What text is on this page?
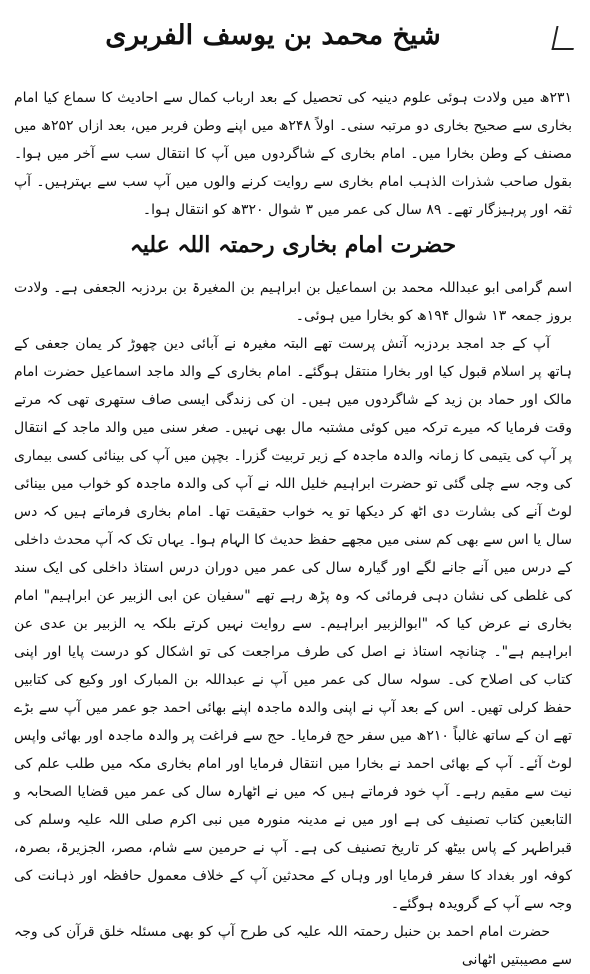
شیخ محمد بن یوسف الفربری

۲۳۱ھ میں ولادت ہوئی علوم دینیہ کی تحصیل کے بعد ارباب کمال سے احادیث کا سماع کیا امام بخاری سے صحیح بخاری دو مرتبہ سنی۔ اولاً ۲۴۸ھ میں اپنے وطن فربر میں، بعد ازاں ۲۵۲ھ میں مصنف کے وطن بخارا میں۔ امام بخاری کے شاگردوں میں آپ کا انتقال سب سے آخر میں ہوا۔ بقول صاحب شذرات الذہب امام بخاری سے روایت کرنے والوں میں آپ سب سے بہترہیں۔ آپ ثقہ اور پرہیزگار تھے۔ ۸۹ سال کی عمر میں ۳ شوال ۳۲۰ھ کو انتقال ہوا۔

حضرت امام بخاری رحمتہ اللہ علیہ

اسم گرامی ابو عبداللہ محمد بن اسماعیل بن ابراہیم بن المغیرۃ بن بردزبہ الجعفی ہے۔ ولادت بروز جمعہ ۱۳ شوال ۱۹۴ھ کو بخارا میں ہوئی۔

آپ کے جد امجد بردزبہ آتش پرست تھے البتہ مغیرہ نے آبائی دین چھوڑ کر یمان جعفی کے ہاتھ پر اسلام قبول کیا اور بخارا منتقل ہوگئے۔ امام بخاری کے والد ماجد اسماعیل حضرت امام مالک اور حماد بن زید کے شاگردوں میں ہیں۔ ان کی زندگی ایسی صاف ستھری تھی کہ مرتے وقت فرمایا کہ میرے ترکہ میں کوئی مشتبہ مال بھی نہیں۔ صغر سنی میں والد ماجد کے انتقال پر آپ کی یتیمی کا زمانہ والدہ ماجدہ کے زیر تربیت گزرا۔ بچپن میں آپ کی بینائی کسی بیماری کی وجہ سے چلی گئی تو حضرت ابراہیم خلیل اللہ نے آپ کی والدہ ماجدہ کو خواب میں بینائی لوٹ آنے کی بشارت دی اٹھ کر دیکھا تو یہ خواب حقیقت تھا۔ امام بخاری فرماتے ہیں کہ دس سال یا اس سے بھی کم سنی میں مجھے حفظ حدیث کا الہام ہوا۔ یہاں تک کہ آپ محدث داخلی کے درس میں آنے جانے لگے اور گیارہ سال کی عمر میں دوران درس استاذ داخلی کی ایک سند کی غلطی کی نشان دہی فرمائی کہ وہ پڑھ رہے تھے "سفیان عن ابی الزبیر عن ابراہیم" امام بخاری نے عرض کیا کہ "ابوالزبیر ابراہیم۔ سے روایت نہیں کرتے بلکہ یہ الزبیر بن عدی عن ابراہیم ہے"۔ چنانچہ استاذ نے اصل کی طرف مراجعت کی تو اشکال کو درست پایا اور اپنی کتاب کی اصلاح کی۔ سولہ سال کی عمر میں آپ نے عبداللہ بن المبارک اور وکیع کی کتابیں حفظ کرلی تھیں۔ اس کے بعد آپ نے اپنی والدہ ماجدہ اپنے بھائی احمد جو عمر میں آپ سے بڑے تھے ان کے ساتھ غالباً ۲۱۰ھ میں سفر حج فرمایا۔ حج سے فراغت پر والدہ ماجدہ اور بھائی واپس لوٹ آئے۔ آپ کے بھائی احمد نے بخارا میں انتقال فرمایا اور امام بخاری مکہ میں طلب علم کی نیت سے مقیم رہے۔ آپ خود فرماتے ہیں کہ میں نے اٹھارہ سال کی عمر میں قضایا الصحابہ و التابعین کتاب تصنیف کی ہے اور میں نے مدینہ منورہ میں نبی اکرم صلی اللہ علیہ وسلم کی قبراطہر کے پاس بیٹھ کر تاریخ تصنیف کی ہے۔ آپ نے حرمین سے شام، مصر، الجزیرۃ، بصرہ، کوفہ اور بغداد کا سفر فرمایا اور وہاں کے محدثین آپ کے خلاف معمول حافظہ اور ذہانت کی وجہ سے آپ کے گرویدہ ہوگئے۔

حضرت امام احمد بن حنبل رحمتہ اللہ علیہ کی طرح آپ کو بھی مسئلہ خلق قرآن کی وجہ سے مصیبتیں اٹھانی
